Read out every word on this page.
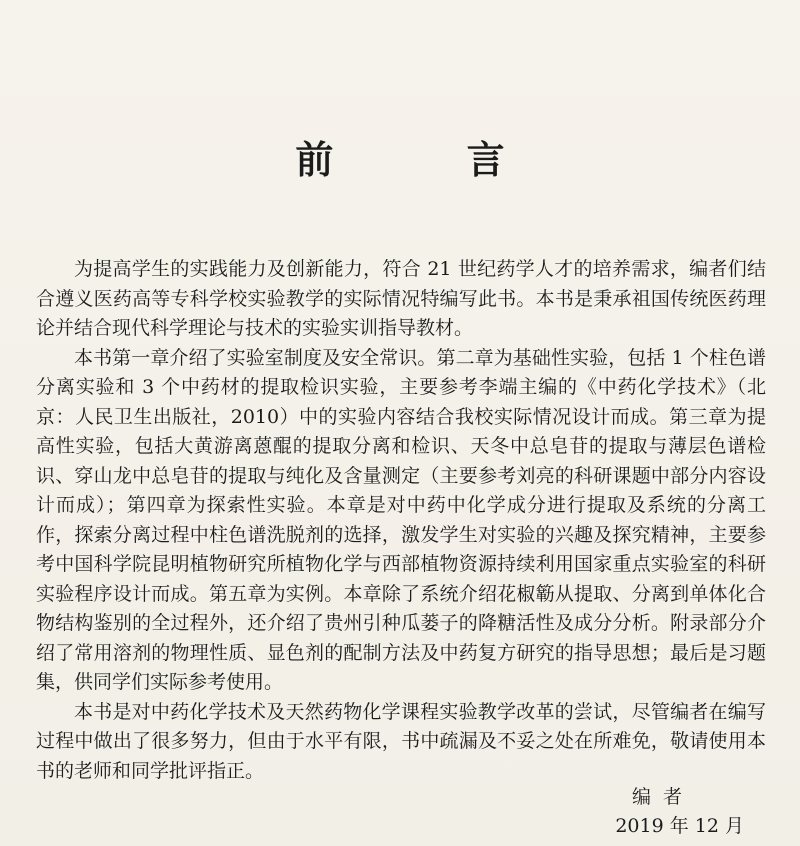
前 言

为提高学生的实践能力及创新能力，符合 21 世纪药学人才的培养需求，编者们结合遵义医药高等专科学校实验教学的实际情况特编写此书。本书是秉承祖国传统医药理论并结合现代科学理论与技术的实验实训指导教材。

本书第一章介绍了实验室制度及安全常识。第二章为基础性实验，包括 1 个柱色谱分离实验和 3 个中药材的提取检识实验，主要参考李端主编的《中药化学技术》（北京：人民卫生出版社，2010）中的实验内容结合我校实际情况设计而成。第三章为提高性实验，包括大黄游离蒽醌的提取分离和检识、天冬中总皂苷的提取与薄层色谱检识、穿山龙中总皂苷的提取与纯化及含量测定（主要参考刘亮的科研课题中部分内容设计而成）；第四章为探索性实验。本章是对中药中化学成分进行提取及系统的分离工作，探索分离过程中柱色谱洗脱剂的选择，激发学生对实验的兴趣及探究精神，主要参考中国科学院昆明植物研究所植物化学与西部植物资源持续利用国家重点实验室的科研实验程序设计而成。第五章为实例。本章除了系统介绍花椒簕从提取、分离到单体化合物结构鉴别的全过程外，还介绍了贵州引种瓜蒌子的降糖活性及成分分析。附录部分介绍了常用溶剂的物理性质、显色剂的配制方法及中药复方研究的指导思想；最后是习题集，供同学们实际参考使用。

本书是对中药化学技术及天然药物化学课程实验教学改革的尝试，尽管编者在编写过程中做出了很多努力，但由于水平有限，书中疏漏及不妥之处在所难免，敬请使用本书的老师和同学批评指正。

编者
2019 年 12 月
